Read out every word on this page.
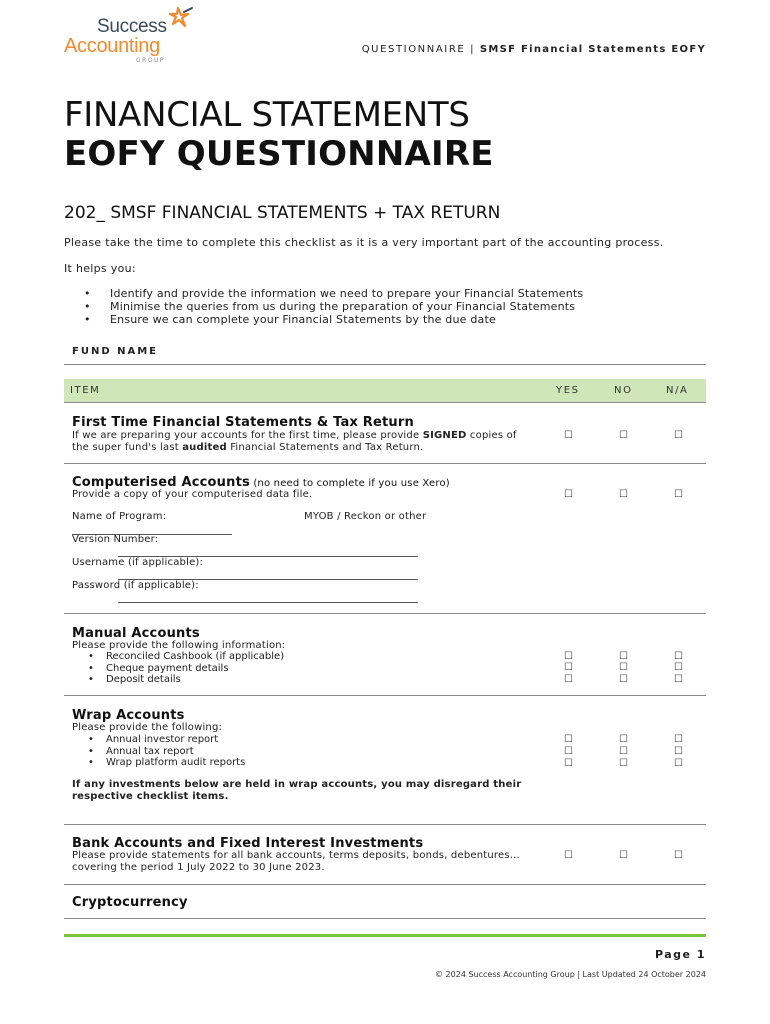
Success
Accounting
GROUP
QUESTIONNAIRE | SMSF Financial Statements EOFY
FINANCIAL STATEMENTS
EOFY QUESTIONNAIRE
202_ SMSF FINANCIAL STATEMENTS + TAX RETURN
Please take the time to complete this checklist as it is a very important part of the accounting process.
It helps you:
• Identify and provide the information we need to prepare your Financial Statements
• Minimise the queries from us during the preparation of your Financial Statements
• Ensure we can complete your Financial Statements by the due date
FUND NAME
ITEM	YES	NO	N/A
First Time Financial Statements & Tax Return
If we are preparing your accounts for the first time, please provide SIGNED copies of
the super fund's last audited Financial Statements and Tax Return.
☐	☐	☐
Computerised Accounts (no need to complete if you use Xero)
Provide a copy of your computerised data file.	☐	☐	☐
Name of Program:	MYOB / Reckon or other
Version Number:
Username (if applicable):
Password (if applicable):
Manual Accounts
Please provide the following information:
• Reconciled Cashbook (if applicable)
• Cheque payment details
• Deposit details
☐	☐	☐
☐	☐	☐
☐	☐	☐
Wrap Accounts
Please provide the following:
• Annual investor report
• Annual tax report
• Wrap platform audit reports
☐	☐	☐
☐	☐	☐
☐	☐	☐
If any investments below are held in wrap accounts, you may disregard their
respective checklist items.
Bank Accounts and Fixed Interest Investments
Please provide statements for all bank accounts, terms deposits, bonds, debentures…
covering the period 1 July 2022 to 30 June 2023.
☐	☐	☐
Cryptocurrency
Page 1
© 2024 Success Accounting Group | Last Updated 24 October 2024
